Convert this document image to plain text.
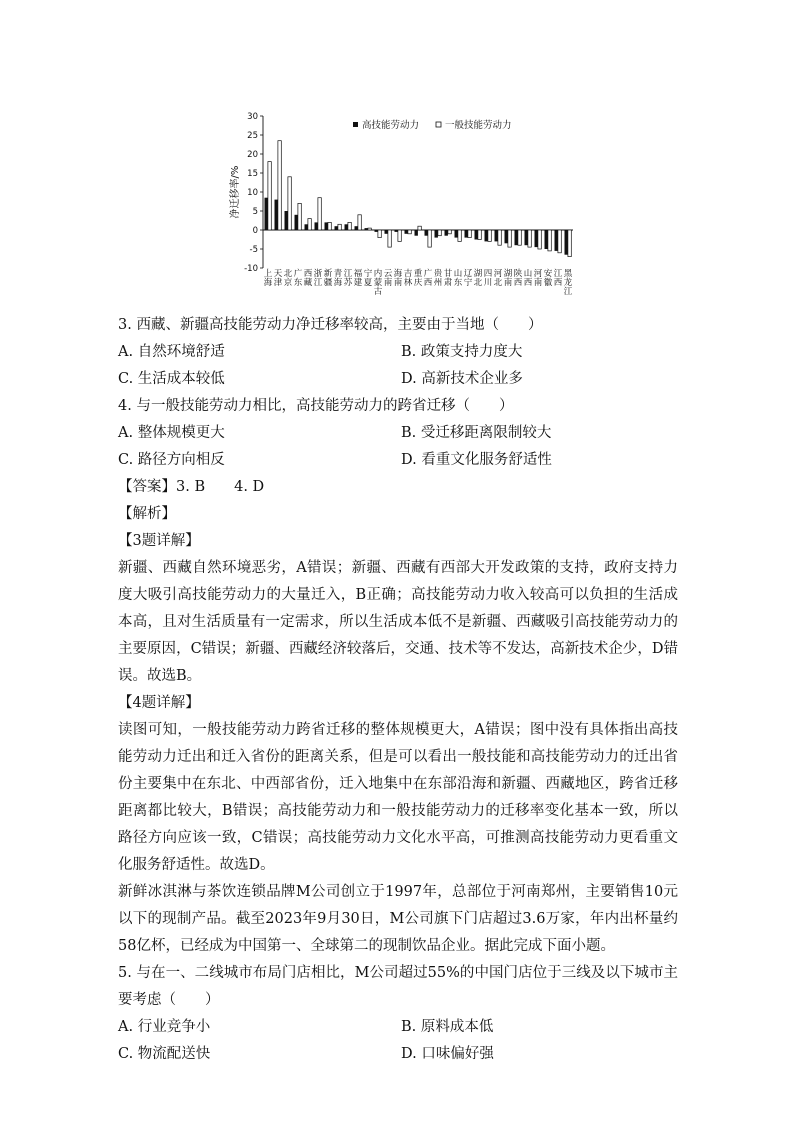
净迁移率/%
30
25
20
15
10
5
0
-5
-10 上海
天津
北京
广东
西藏
浙江
新疆
青海
江苏
福建
宁夏
内蒙古
云南
海南
吉林
重庆
广西
贵州
甘肃
山东
辽宁
湖北
四川
河北
湖南
陕西
山西
河南
安徽
江西
黑龙江
高技能劳动力	一般技能劳动力
3. 西藏、新疆高技能劳动力净迁移率较高，主要由于当地（　　）
A. 自然环境舒适	B. 政策支持力度大
C. 生活成本较低	D. 高新技术企业多
4. 与一般技能劳动力相比，高技能劳动力的跨省迁移（　　）
A. 整体规模更大	B. 受迁移距离限制较大
C. 路径方向相反	D. 看重文化服务舒适性
【答案】3. B　　4. D
【解析】
【3题详解】
新疆、西藏自然环境恶劣，A错误；新疆、西藏有西部大开发政策的支持，政府支持力度大吸引高技能劳动力的大量迁入，B正确；高技能劳动力收入较高可以负担的生活成本高，且对生活质量有一定需求，所以生活成本低不是新疆、西藏吸引高技能劳动力的主要原因，C错误；新疆、西藏经济较落后，交通、技术等不发达，高新技术企少，D错误。故选B。
【4题详解】
读图可知，一般技能劳动力跨省迁移的整体规模更大，A错误；图中没有具体指出高技能劳动力迁出和迁入省份的距离关系，但是可以看出一般技能和高技能劳动力的迁出省份主要集中在东北、中西部省份，迁入地集中在东部沿海和新疆、西藏地区，跨省迁移距离都比较大，B错误；高技能劳动力和一般技能劳动力的迁移率变化基本一致，所以路径方向应该一致，C错误；高技能劳动力文化水平高，可推测高技能劳动力更看重文化服务舒适性。故选D。
新鲜冰淇淋与茶饮连锁品牌M公司创立于1997年，总部位于河南郑州，主要销售10元以下的现制产品。截至2023年9月30日，M公司旗下门店超过3.6万家，年内出杯量约58亿杯，已经成为中国第一、全球第二的现制饮品企业。据此完成下面小题。
5. 与在一、二线城市布局门店相比，M公司超过55%的中国门店位于三线及以下城市主要考虑（　　）
A. 行业竞争小	B. 原料成本低
C. 物流配送快	D. 口味偏好强
